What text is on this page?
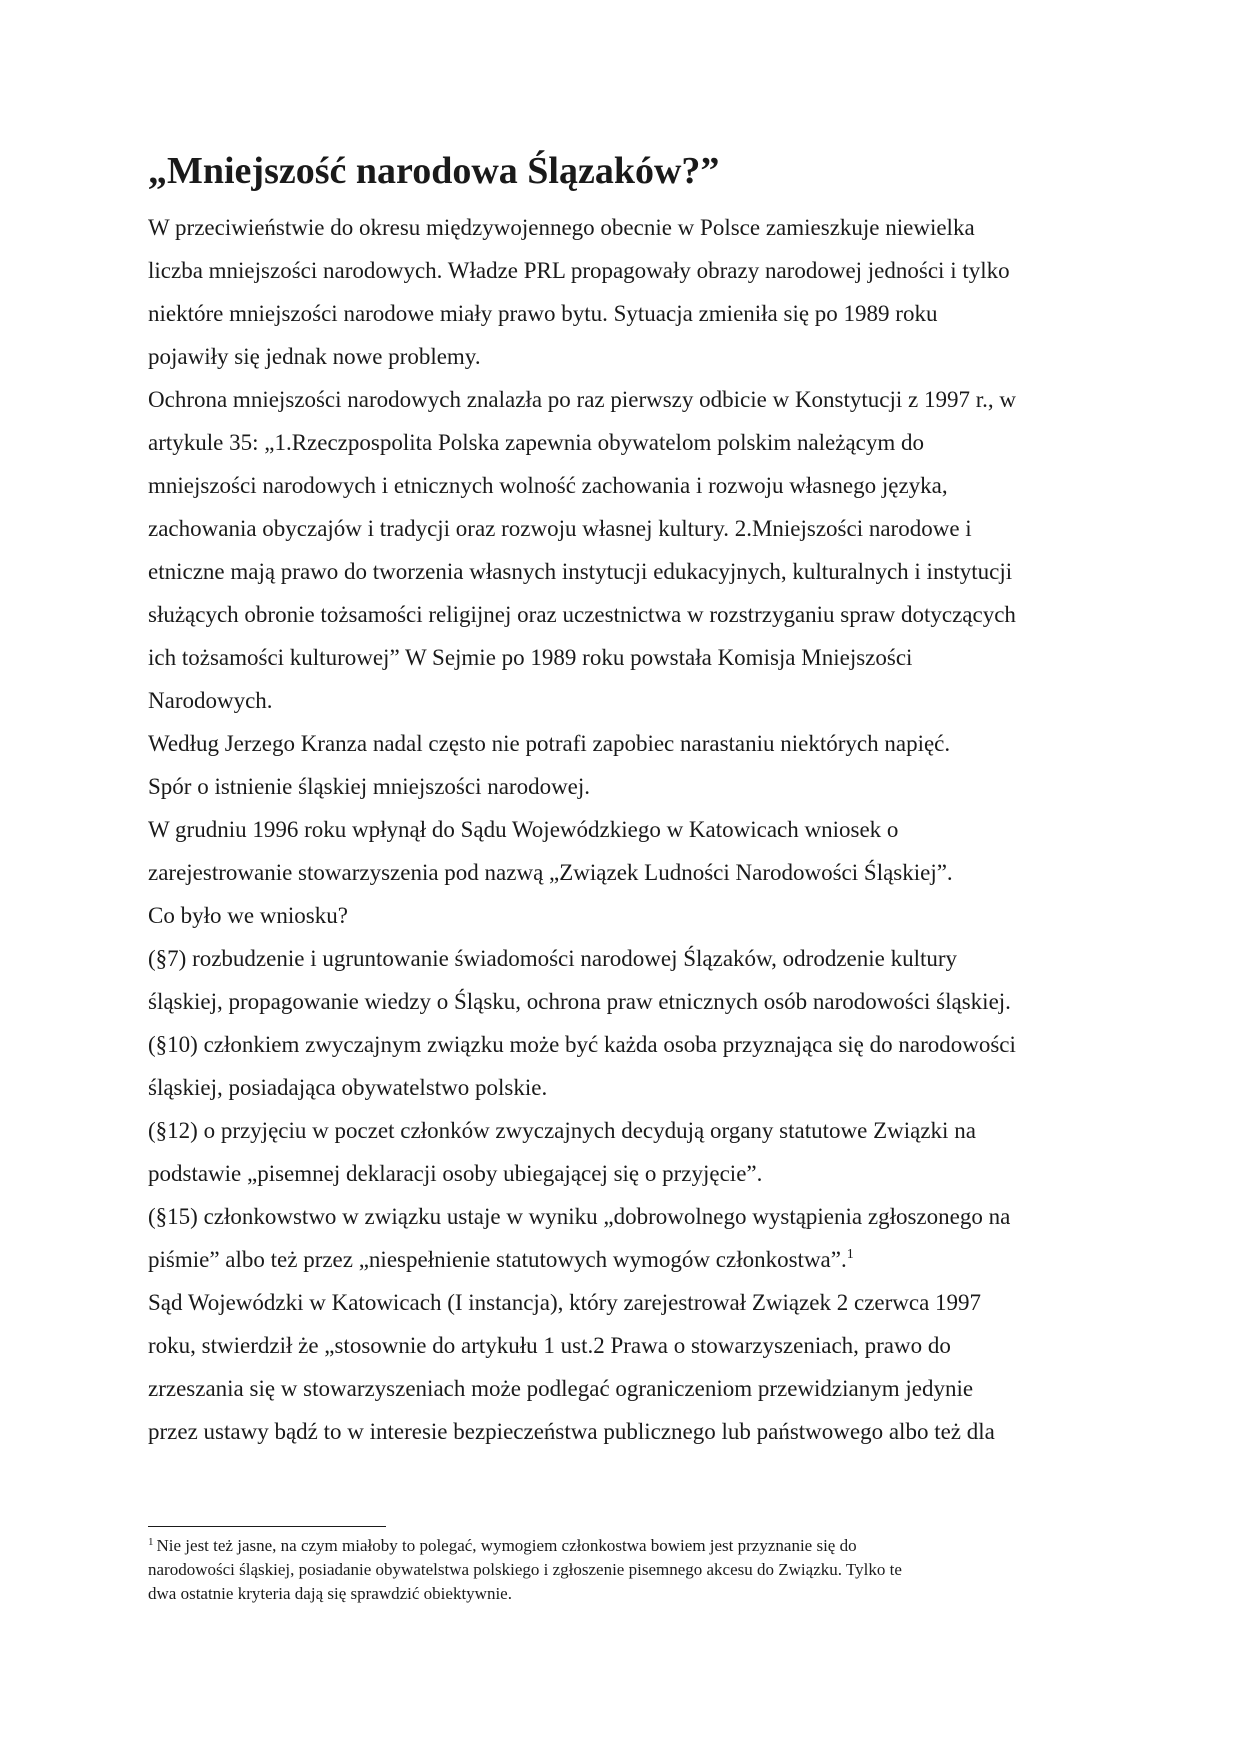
„Mniejszość narodowa Ślązaków?”
W przeciwieństwie do okresu międzywojennego obecnie w Polsce zamieszkuje niewielka
liczba mniejszości narodowych. Władze PRL propagowały obrazy narodowej jedności i tylko
niektóre mniejszości narodowe miały prawo bytu. Sytuacja zmieniła się po 1989 roku
pojawiły się jednak nowe problemy.
Ochrona mniejszości narodowych znalazła po raz pierwszy odbicie w Konstytucji z 1997 r., w
artykule 35: „1.Rzeczpospolita Polska zapewnia obywatelom polskim należącym do
mniejszości narodowych i etnicznych wolność zachowania i rozwoju własnego języka,
zachowania obyczajów i tradycji oraz rozwoju własnej kultury. 2.Mniejszości narodowe i
etniczne mają prawo do tworzenia własnych instytucji edukacyjnych, kulturalnych i instytucji
służących obronie tożsamości religijnej oraz uczestnictwa w rozstrzyganiu spraw dotyczących
ich tożsamości kulturowej” W Sejmie po 1989 roku powstała Komisja Mniejszości
Narodowych.
Według Jerzego Kranza nadal często nie potrafi zapobiec narastaniu niektórych napięć.
Spór o istnienie śląskiej mniejszości narodowej.
W grudniu 1996 roku wpłynął do Sądu Wojewódzkiego w Katowicach wniosek o
zarejestrowanie stowarzyszenia pod nazwą „Związek Ludności Narodowości Śląskiej”.
Co było we wniosku?
(§7) rozbudzenie i ugruntowanie świadomości narodowej Ślązaków, odrodzenie kultury
śląskiej, propagowanie wiedzy o Śląsku, ochrona praw etnicznych osób narodowości śląskiej.
(§10) członkiem zwyczajnym związku może być każda osoba przyznająca się do narodowości
śląskiej, posiadająca obywatelstwo polskie.
(§12) o przyjęciu w poczet członków zwyczajnych decydują organy statutowe Związki na
podstawie „pisemnej deklaracji osoby ubiegającej się o przyjęcie”.
(§15) członkowstwo w związku ustaje w wyniku „dobrowolnego wystąpienia zgłoszonego na
piśmie” albo też przez „niespełnienie statutowych wymogów członkostwa”.$^1$
Sąd Wojewódzki w Katowicach (I instancja), który zarejestrował Związek 2 czerwca 1997
roku, stwierdził że „stosownie do artykułu 1 ust.2 Prawa o stowarzyszeniach, prawo do
zrzeszania się w stowarzyszeniach może podlegać ograniczeniom przewidzianym jedynie
przez ustawy bądź to w interesie bezpieczeństwa publicznego lub państwowego albo też dla
$^1$ Nie jest też jasne, na czym miałoby to polegać, wymogiem członkostwa bowiem jest przyznanie się do
narodowości śląskiej, posiadanie obywatelstwa polskiego i zgłoszenie pisemnego akcesu do Związku. Tylko te
dwa ostatnie kryteria dają się sprawdzić obiektywnie.
